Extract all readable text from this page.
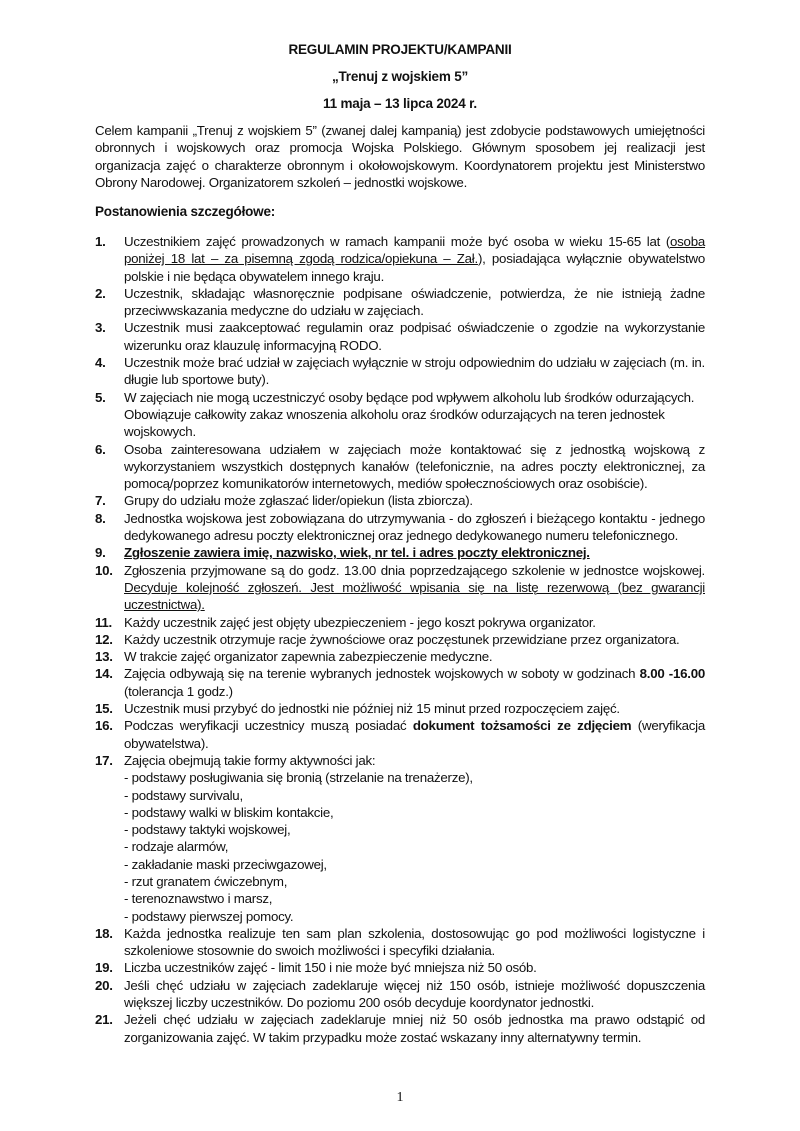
REGULAMIN PROJEKTU/KAMPANII
„Trenuj z wojskiem 5”
11 maja – 13 lipca 2024 r.
Celem kampanii „Trenuj z wojskiem 5” (zwanej dalej kampanią) jest zdobycie podstawowych umiejętności obronnych i wojskowych oraz promocja Wojska Polskiego. Głównym sposobem jej realizacji jest organizacja zajęć o charakterze obronnym i okołowojskowym. Koordynatorem projektu jest Ministerstwo Obrony Narodowej. Organizatorem szkoleń – jednostki wojskowe.
Postanowienia szczegółowe:
1. Uczestnikiem zajęć prowadzonych w ramach kampanii może być osoba w wieku 15-65 lat (osoba poniżej 18 lat – za pisemną zgodą rodzica/opiekuna – Zał.), posiadająca wyłącznie obywatelstwo polskie i nie będąca obywatelem innego kraju.
2. Uczestnik, składając własnoręcznie podpisane oświadczenie, potwierdza, że nie istnieją żadne przeciwwskazania medyczne do udziału w zajęciach.
3. Uczestnik musi zaakceptować regulamin oraz podpisać oświadczenie o zgodzie na wykorzystanie wizerunku oraz klauzulę informacyjną RODO.
4. Uczestnik może brać udział w zajęciach wyłącznie w stroju odpowiednim do udziału w zajęciach (m. in. długie lub sportowe buty).
5. W zajęciach nie mogą uczestniczyć osoby będące pod wpływem alkoholu lub środków odurzających. Obowiązuje całkowity zakaz wnoszenia alkoholu oraz środków odurzających na teren jednostek wojskowych.
6. Osoba zainteresowana udziałem w zajęciach może kontaktować się z jednostką wojskową z wykorzystaniem wszystkich dostępnych kanałów (telefonicznie, na adres poczty elektronicznej, za pomocą/poprzez komunikatorów internetowych, mediów społecznościowych oraz osobiście).
7. Grupy do udziału może zgłaszać lider/opiekun (lista zbiorcza).
8. Jednostka wojskowa jest zobowiązana do utrzymywania - do zgłoszeń i bieżącego kontaktu - jednego dedykowanego adresu poczty elektronicznej oraz jednego dedykowanego numeru telefonicznego.
9. Zgłoszenie zawiera imię, nazwisko, wiek, nr tel. i adres poczty elektronicznej.
10. Zgłoszenia przyjmowane są do godz. 13.00 dnia poprzedzającego szkolenie w jednostce wojskowej. Decyduje kolejność zgłoszeń. Jest możliwość wpisania się na listę rezerwową (bez gwarancji uczestnictwa).
11. Każdy uczestnik zajęć jest objęty ubezpieczeniem - jego koszt pokrywa organizator.
12. Każdy uczestnik otrzymuje racje żywnościowe oraz poczęstunek przewidziane przez organizatora.
13. W trakcie zajęć organizator zapewnia zabezpieczenie medyczne.
14. Zajęcia odbywają się na terenie wybranych jednostek wojskowych w soboty w godzinach 8.00 -16.00 (tolerancja 1 godz.)
15. Uczestnik musi przybyć do jednostki nie później niż 15 minut przed rozpoczęciem zajęć.
16. Podczas weryfikacji uczestnicy muszą posiadać dokument tożsamości ze zdjęciem (weryfikacja obywatelstwa).
17. Zajęcia obejmują takie formy aktywności jak:
- podstawy posługiwania się bronią (strzelanie na trenażerze),
- podstawy survivalu,
- podstawy walki w bliskim kontakcie,
- podstawy taktyki wojskowej,
- rodzaje alarmów,
- zakładanie maski przeciwgazowej,
- rzut granatem ćwiczebnym,
- terenoznawstwo i marsz,
- podstawy pierwszej pomocy.
18. Każda jednostka realizuje ten sam plan szkolenia, dostosowując go pod możliwości logistyczne i szkoleniowe stosownie do swoich możliwości i specyfiki działania.
19. Liczba uczestników zajęć - limit 150 i nie może być mniejsza niż 50 osób.
20. Jeśli chęć udziału w zajęciach zadeklaruje więcej niż 150 osób, istnieje możliwość dopuszczenia większej liczby uczestników. Do poziomu 200 osób decyduje koordynator jednostki.
21. Jeżeli chęć udziału w zajęciach zadeklaruje mniej niż 50 osób jednostka ma prawo odstąpić od zorganizowania zajęć. W takim przypadku może zostać wskazany inny alternatywny termin.
1
